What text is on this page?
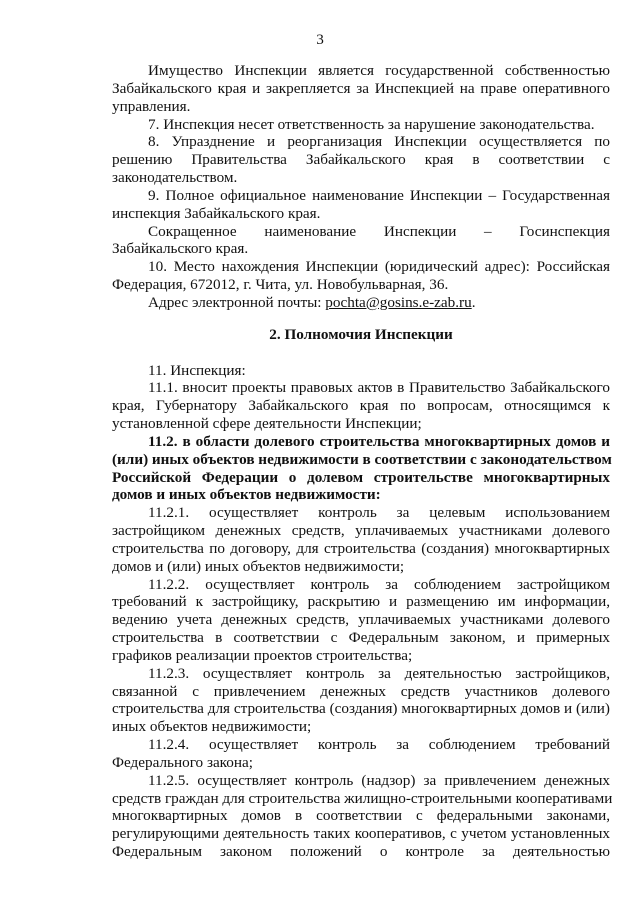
3
Имущество Инспекции является государственной собственностью
Забайкальского края и закрепляется за Инспекцией на праве оперативного
управления.
7. Инспекция несет ответственность за нарушение законодательства.
8. Упразднение и реорганизация Инспекции осуществляется по
решению Правительства Забайкальского края в соответствии с
законодательством.
9. Полное официальное наименование Инспекции – Государственная
инспекция Забайкальского края.
Сокращенное наименование Инспекции – Госинспекция
Забайкальского края.
10. Место нахождения Инспекции (юридический адрес): Российская
Федерация, 672012, г. Чита, ул. Новобульварная, 36.
Адрес электронной почты: pochta@gosins.e-zab.ru.
2. Полномочия Инспекции
11. Инспекция:
11.1. вносит проекты правовых актов в Правительство Забайкальского
края, Губернатору Забайкальского края по вопросам, относящимся к
установленной сфере деятельности Инспекции;
11.2. в области долевого строительства многоквартирных домов и
(или) иных объектов недвижимости в соответствии с законодательством
Российской Федерации о долевом строительстве многоквартирных
домов и иных объектов недвижимости:
11.2.1. осуществляет контроль за целевым использованием
застройщиком денежных средств, уплачиваемых участниками долевого
строительства по договору, для строительства (создания) многоквартирных
домов и (или) иных объектов недвижимости;
11.2.2. осуществляет контроль за соблюдением застройщиком
требований к застройщику, раскрытию и размещению им информации,
ведению учета денежных средств, уплачиваемых участниками долевого
строительства в соответствии с Федеральным законом, и примерных
графиков реализации проектов строительства;
11.2.3. осуществляет контроль за деятельностью застройщиков,
связанной с привлечением денежных средств участников долевого
строительства для строительства (создания) многоквартирных домов и (или)
иных объектов недвижимости;
11.2.4. осуществляет контроль за соблюдением требований
Федерального закона;
11.2.5. осуществляет контроль (надзор) за привлечением денежных
средств граждан для строительства жилищно-строительными кооперативами
многоквартирных домов в соответствии с федеральными законами,
регулирующими деятельность таких кооперативов, с учетом установленных
Федеральным законом положений о контроле за деятельностью
